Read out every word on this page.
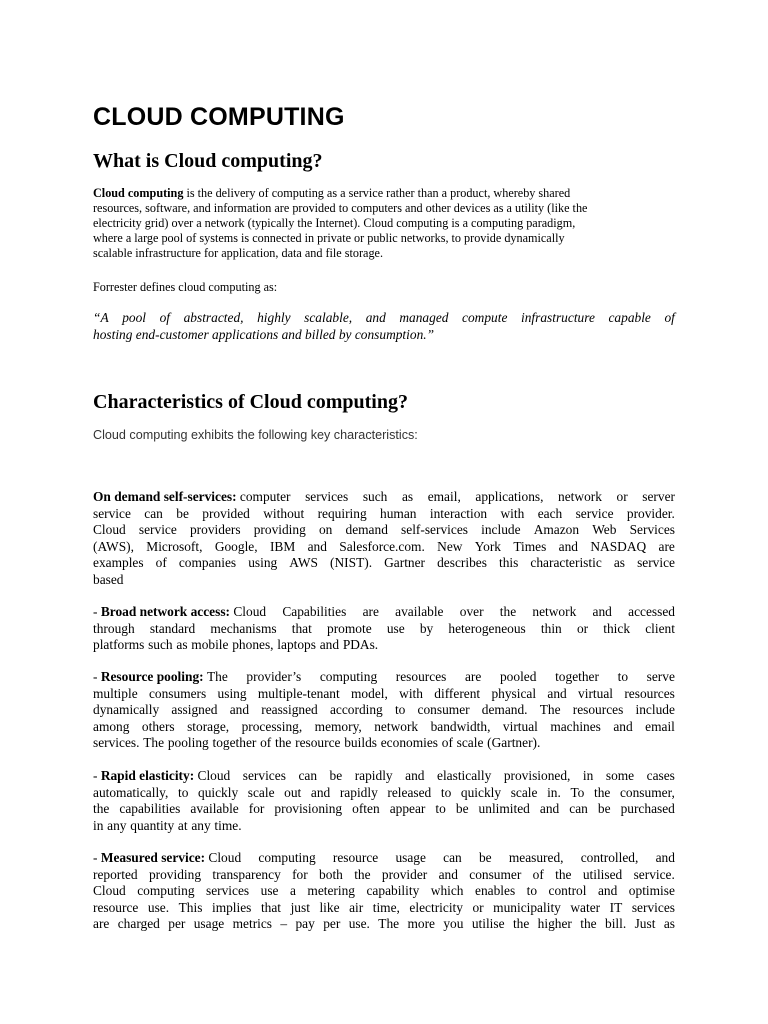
CLOUD COMPUTING
What is Cloud computing?

Cloud computing is the delivery of computing as a service rather than a product, whereby shared
resources, software, and information are provided to computers and other devices as a utility (like the
electricity grid) over a network (typically the Internet). Cloud computing is a computing paradigm,
where a large pool of systems is connected in private or public networks, to provide dynamically
scalable infrastructure for application, data and file storage.

Forrester defines cloud computing as:

“A pool of abstracted, highly scalable, and managed compute infrastructure capable of
hosting end-customer applications and billed by consumption.”
Characteristics of Cloud computing?

Cloud computing exhibits the following key characteristics:

On demand self-services: computer services such as email, applications, network or server
service can be provided without requiring human interaction with each service provider.
Cloud service providers providing on demand self-services include Amazon Web Services
(AWS), Microsoft, Google, IBM and Salesforce.com. New York Times and NASDAQ are
examples of companies using AWS (NIST). Gartner describes this characteristic as service
based

- Broad network access: Cloud Capabilities are available over the network and accessed
through standard mechanisms that promote use by heterogeneous thin or thick client
platforms such as mobile phones, laptops and PDAs.

- Resource pooling: The provider’s computing resources are pooled together to serve
multiple consumers using multiple-tenant model, with different physical and virtual resources
dynamically assigned and reassigned according to consumer demand. The resources include
among others storage, processing, memory, network bandwidth, virtual machines and email
services. The pooling together of the resource builds economies of scale (Gartner).

- Rapid elasticity: Cloud services can be rapidly and elastically provisioned, in some cases
automatically, to quickly scale out and rapidly released to quickly scale in. To the consumer,
the capabilities available for provisioning often appear to be unlimited and can be purchased
in any quantity at any time.

- Measured service: Cloud computing resource usage can be measured, controlled, and
reported providing transparency for both the provider and consumer of the utilised service.
Cloud computing services use a metering capability which enables to control and optimise
resource use. This implies that just like air time, electricity or municipality water IT services
are charged per usage metrics – pay per use. The more you utilise the higher the bill. Just as
